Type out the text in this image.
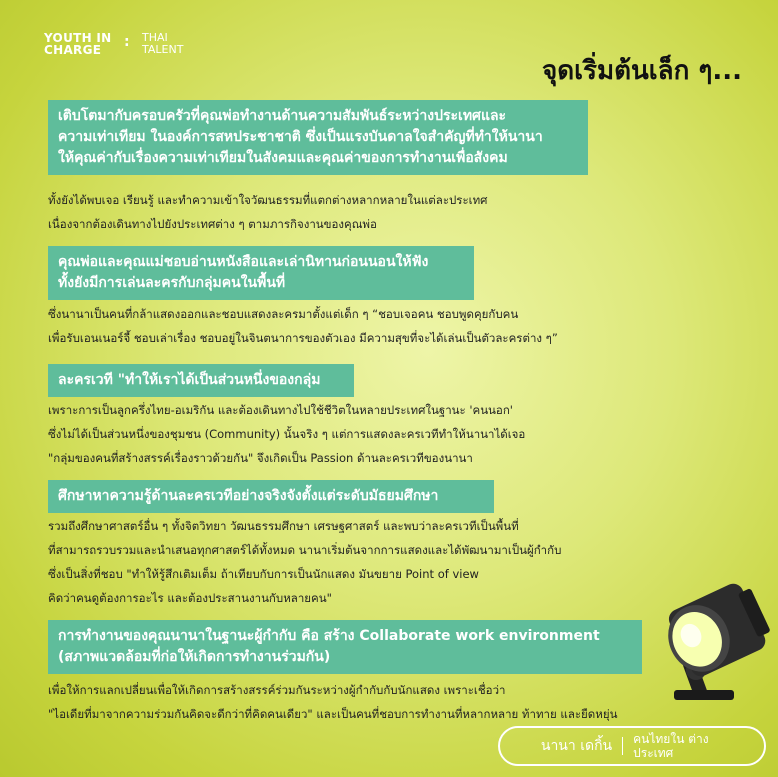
YOUTH IN CHARGE	: THAI TALENT
จุดเริ่มต้นเล็ก ๆ...
เติบโตมากับครอบครัวที่คุณพ่อทำงานด้านความสัมพันธ์ระหว่างประเทศและ
ความเท่าเทียม ในองค์การสหประชาชาติ ซึ่งเป็นแรงบันดาลใจสำคัญที่ทำให้นานา
ให้คุณค่ากับเรื่องความเท่าเทียมในสังคมและคุณค่าของการทำงานเพื่อสังคม
ทั้งยังได้พบเจอ เรียนรู้ และทำความเข้าใจวัฒนธรรมที่แตกต่างหลากหลายในแต่ละประเทศ
เนื่องจากต้องเดินทางไปยังประเทศต่าง ๆ ตามภารกิจงานของคุณพ่อ
คุณพ่อและคุณแม่ชอบอ่านหนังสือและเล่านิทานก่อนนอนให้ฟัง
ทั้งยังมีการเล่นละครกับกลุ่มคนในพื้นที่
ซึ่งนานาเป็นคนที่กล้าแสดงออกและชอบแสดงละครมาตั้งแต่เด็ก ๆ “ชอบเจอคน ชอบพูดคุยกับคน
เพื่อรับเอนเนอร์จี้ ชอบเล่าเรื่อง ชอบอยู่ในจินตนาการของตัวเอง มีความสุขที่จะได้เล่นเป็นตัวละครต่าง ๆ”
ละครเวที "ทำให้เราได้เป็นส่วนหนึ่งของกลุ่ม
เพราะการเป็นลูกครึ่งไทย-อเมริกัน และต้องเดินทางไปใช้ชีวิตในหลายประเทศในฐานะ 'คนนอก'
ซึ่งไม่ได้เป็นส่วนหนึ่งของชุมชน (Community) นั้นจริง ๆ แต่การแสดงละครเวทีทำให้นานาได้เจอ
"กลุ่มของคนที่สร้างสรรค์เรื่องราวด้วยกัน" จึงเกิดเป็น Passion ด้านละครเวทีของนานา
ศึกษาหาความรู้ด้านละครเวทีอย่างจริงจังตั้งแต่ระดับมัธยมศึกษา
รวมถึงศึกษาศาสตร์อื่น ๆ ทั้งจิตวิทยา วัฒนธรรมศึกษา เศรษฐศาสตร์ และพบว่าละครเวทีเป็นพื้นที่
ที่สามารถรวบรวมและนำเสนอทุกศาสตร์ได้ทั้งหมด นานาเริ่มต้นจากการแสดงและได้พัฒนามาเป็นผู้กำกับ
ซึ่งเป็นสิ่งที่ชอบ "ทำให้รู้สึกเติมเต็ม ถ้าเทียบกับการเป็นนักแสดง มันขยาย Point of view
คิดว่าคนดูต้องการอะไร และต้องประสานงานกับหลายคน"
การทำงานของคุณนานาในฐานะผู้กำกับ คือ สร้าง Collaborate work environment
(สภาพแวดล้อมที่ก่อให้เกิดการทำงานร่วมกัน)
เพื่อให้การแลกเปลี่ยนเพื่อให้เกิดการสร้างสรรค์ร่วมกันระหว่างผู้กำกับกับนักแสดง เพราะเชื่อว่า
"ไอเดียที่มาจากความร่วมกันคิดจะดีกว่าที่คิดคนเดียว" และเป็นคนที่ชอบการทำงานที่หลากหลาย ท้าทาย และยืดหยุ่น
นานา เดกิ้น คนไทยใน ต่างประเทศ
